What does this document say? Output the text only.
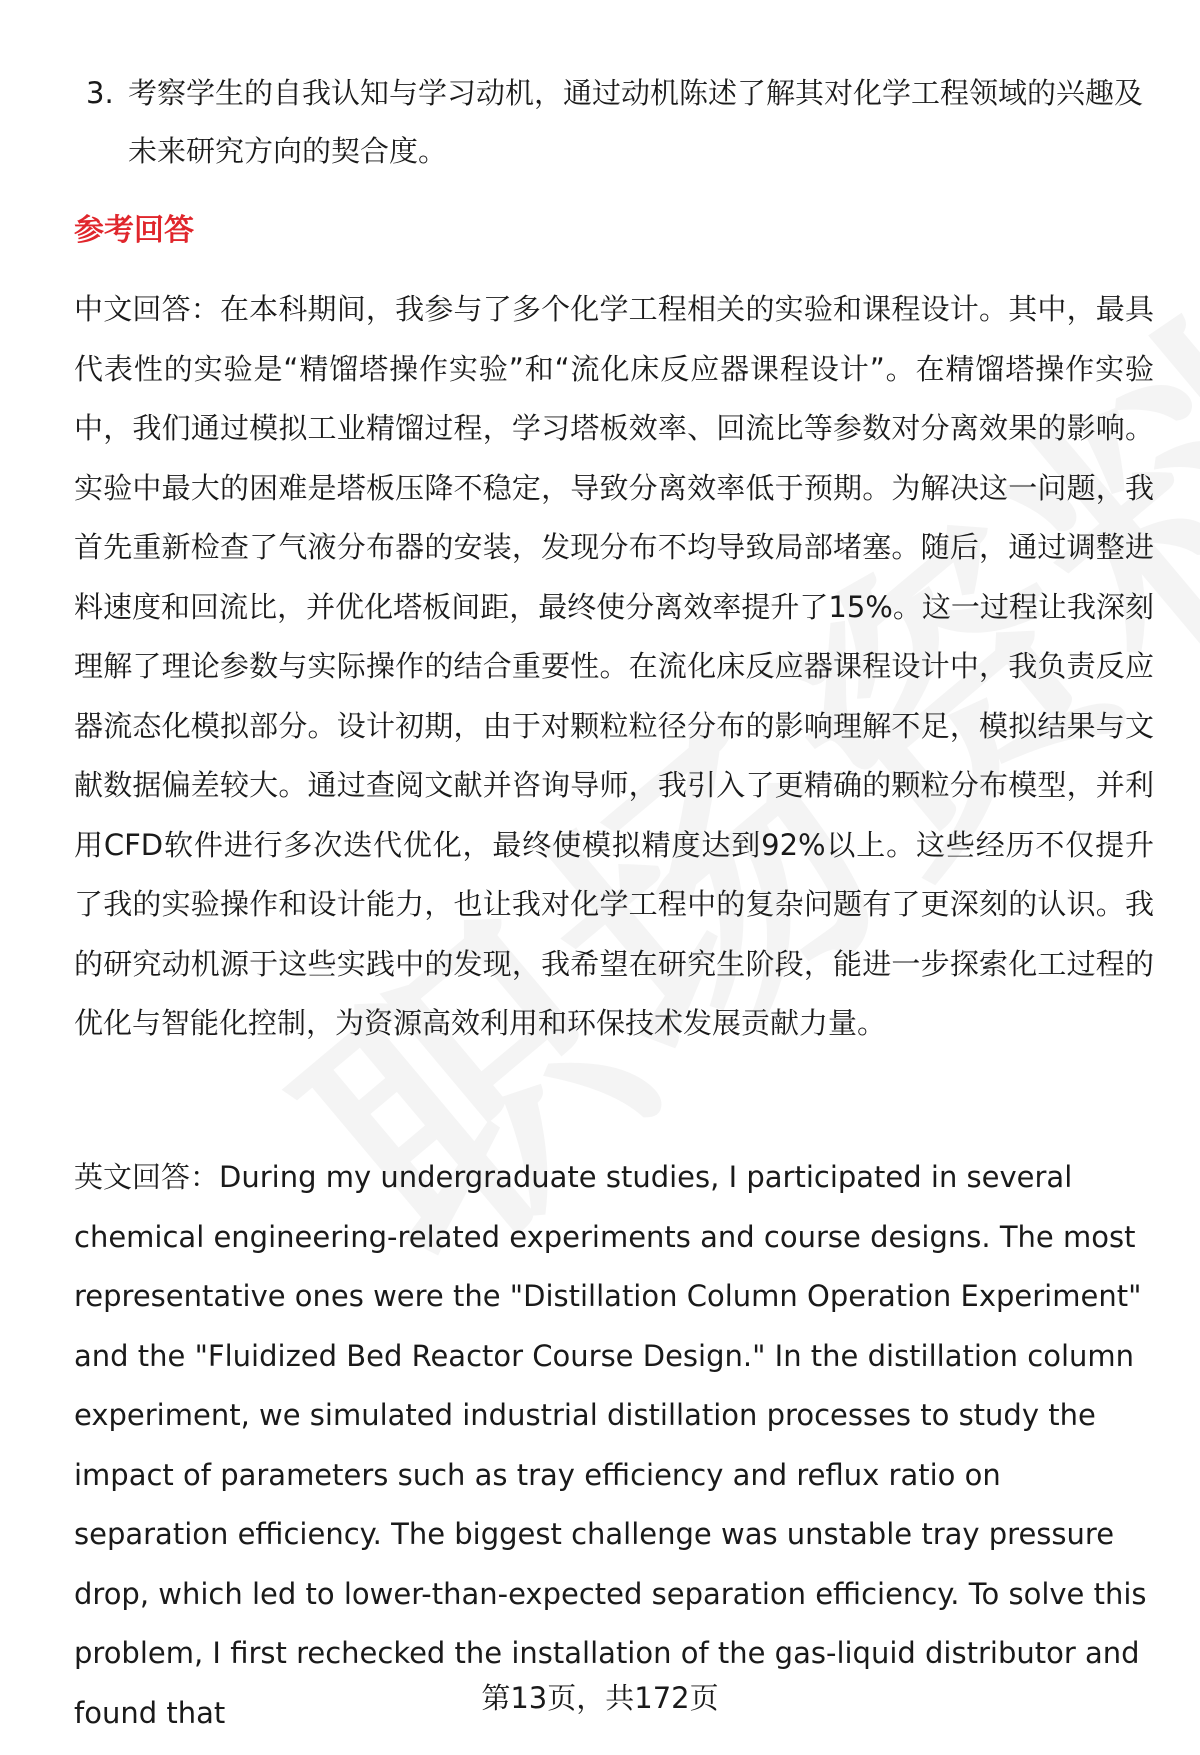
3. 考察学生的自我认知与学习动机，通过动机陈述了解其对化学工程领域的兴趣及未来研究方向的契合度。
参考回答
中文回答：在本科期间，我参与了多个化学工程相关的实验和课程设计。其中，最具代表性的实验是“精馏塔操作实验”和“流化床反应器课程设计”。在精馏塔操作实验中，我们通过模拟工业精馏过程，学习塔板效率、回流比等参数对分离效果的影响。实验中最大的困难是塔板压降不稳定，导致分离效率低于预期。为解决这一问题，我首先重新检查了气液分布器的安装，发现分布不均导致局部堵塞。随后，通过调整进料速度和回流比，并优化塔板间距，最终使分离效率提升了15%。这一过程让我深刻理解了理论参数与实际操作的结合重要性。在流化床反应器课程设计中，我负责反应器流态化模拟部分。设计初期，由于对颗粒粒径分布的影响理解不足，模拟结果与文献数据偏差较大。通过查阅文献并咨询导师，我引入了更精确的颗粒分布模型，并利用CFD软件进行多次迭代优化，最终使模拟精度达到92%以上。这些经历不仅提升了我的实验操作和设计能力，也让我对化学工程中的复杂问题有了更深刻的认识。我的研究动机源于这些实践中的发现，我希望在研究生阶段，能进一步探索化工过程的优化与智能化控制，为资源高效利用和环保技术发展贡献力量。
英文回答：During my undergraduate studies, I participated in several chemical engineering-related experiments and course designs. The most representative ones were the "Distillation Column Operation Experiment" and the "Fluidized Bed Reactor Course Design." In the distillation column experiment, we simulated industrial distillation processes to study the impact of parameters such as tray efficiency and reflux ratio on separation efficiency. The biggest challenge was unstable tray pressure drop, which led to lower-than-expected separation efficiency. To solve this problem, I first rechecked the installation of the gas-liquid distributor and found that	第13页，共172页
